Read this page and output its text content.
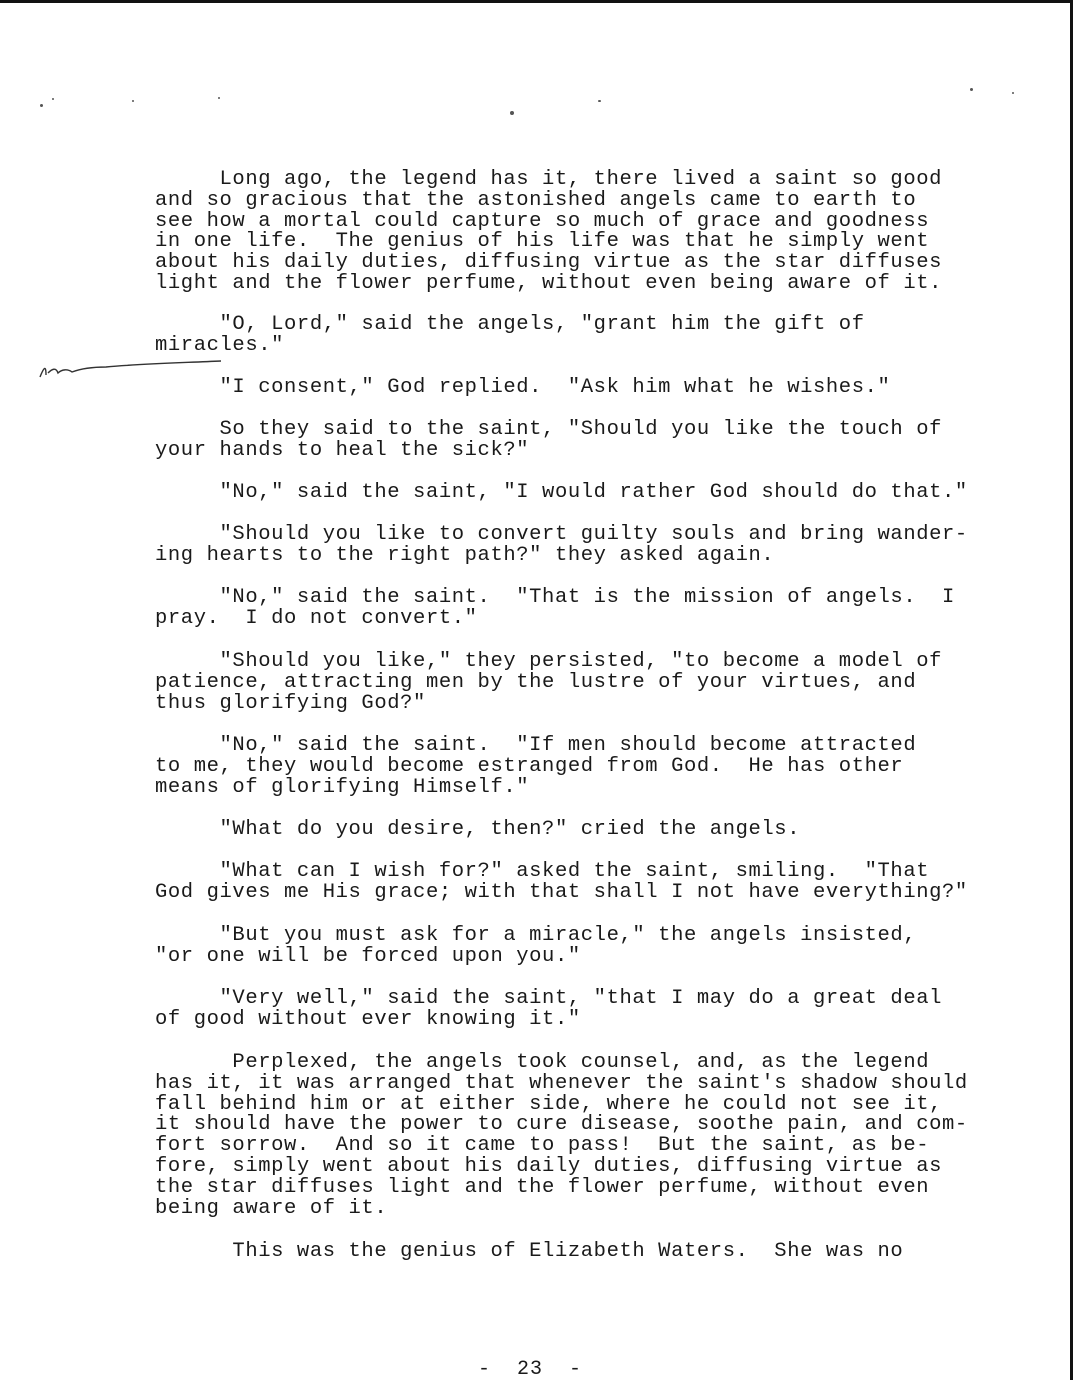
Long ago, the legend has it, there lived a saint so good
and so gracious that the astonished angels came to earth to
see how a mortal could capture so much of grace and goodness
in one life.  The genius of his life was that he simply went
about his daily duties, diffusing virtue as the star diffuses
light and the flower perfume, without even being aware of it.

"O, Lord," said the angels, "grant him the gift of
miracles."

"I consent," God replied.  "Ask him what he wishes."

So they said to the saint, "Should you like the touch of
your hands to heal the sick?"

"No," said the saint, "I would rather God should do that."

"Should you like to convert guilty souls and bring wander-
ing hearts to the right path?" they asked again.

"No," said the saint.  "That is the mission of angels.  I
pray.  I do not convert."

"Should you like," they persisted, "to become a model of
patience, attracting men by the lustre of your virtues, and
thus glorifying God?"

"No," said the saint.  "If men should become attracted
to me, they would become estranged from God.  He has other
means of glorifying Himself."

"What do you desire, then?" cried the angels.

"What can I wish for?" asked the saint, smiling.  "That
God gives me His grace; with that shall I not have everything?"

"But you must ask for a miracle," the angels insisted,
"or one will be forced upon you."

"Very well," said the saint, "that I may do a great deal
of good without ever knowing it."

Perplexed, the angels took counsel, and, as the legend
has it, it was arranged that whenever the saint's shadow should
fall behind him or at either side, where he could not see it,
it should have the power to cure disease, soothe pain, and com-
fort sorrow.  And so it came to pass!  But the saint, as be-
fore, simply went about his daily duties, diffusing virtue as
the star diffuses light and the flower perfume, without even
being aware of it.

This was the genius of Elizabeth Waters.  She was no

-  23  -
